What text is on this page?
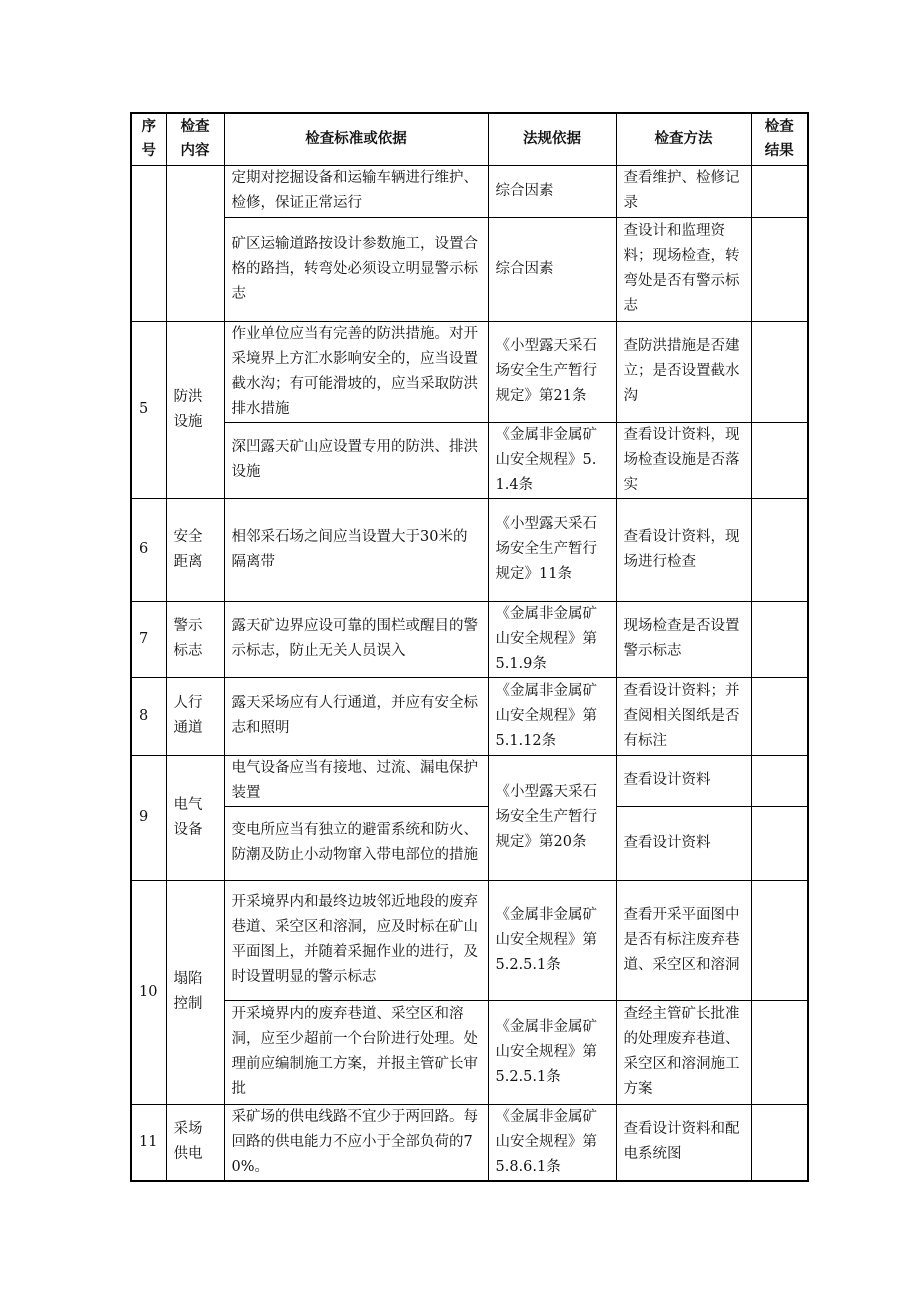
序号	检查内容	检查标准或依据	法规依据	检查方法	检查结果
		定期对挖掘设备和运输车辆进行维护、检修，保证正常运行	综合因素	查看维护、检修记录	
		矿区运输道路按设计参数施工，设置合格的路挡，转弯处必须设立明显警示标志	综合因素	查设计和监理资料；现场检查，转弯处是否有警示标志	
5	防洪设施	作业单位应当有完善的防洪措施。对开采境界上方汇水影响安全的，应当设置截水沟；有可能滑坡的，应当采取防洪排水措施	《小型露天采石场安全生产暂行规定》第21条	查防洪措施是否建立；是否设置截水沟	
		深凹露天矿山应设置专用的防洪、排洪设施	《金属非金属矿山安全规程》5.1.4条	查看设计资料，现场检查设施是否落实	
6	安全距离	相邻采石场之间应当设置大于30米的隔离带	《小型露天采石场安全生产暂行规定》11条	查看设计资料，现场进行检查	
7	警示标志	露天矿边界应设可靠的围栏或醒目的警示标志，防止无关人员误入	《金属非金属矿山安全规程》第5.1.9条	现场检查是否设置警示标志	
8	人行通道	露天采场应有人行通道，并应有安全标志和照明	《金属非金属矿山安全规程》第5.1.12条	查看设计资料；并查阅相关图纸是否有标注	
9	电气设备	电气设备应当有接地、过流、漏电保护装置	《小型露天采石场安全生产暂行规定》第20条	查看设计资料	
		变电所应当有独立的避雷系统和防火、防潮及防止小动物窜入带电部位的措施		查看设计资料	
10	塌陷控制	开采境界内和最终边坡邻近地段的废弃巷道、采空区和溶洞，应及时标在矿山平面图上，并随着采掘作业的进行，及时设置明显的警示标志	《金属非金属矿山安全规程》第5.2.5.1条	查看开采平面图中是否有标注废弃巷道、采空区和溶洞	
		开采境界内的废弃巷道、采空区和溶洞，应至少超前一个台阶进行处理。处理前应编制施工方案，并报主管矿长审批	《金属非金属矿山安全规程》第5.2.5.1条	查经主管矿长批准的处理废弃巷道、采空区和溶洞施工方案	
11	采场供电	采矿场的供电线路不宜少于两回路。每回路的供电能力不应小于全部负荷的70%。	《金属非金属矿山安全规程》第5.8.6.1条	查看设计资料和配电系统图	
